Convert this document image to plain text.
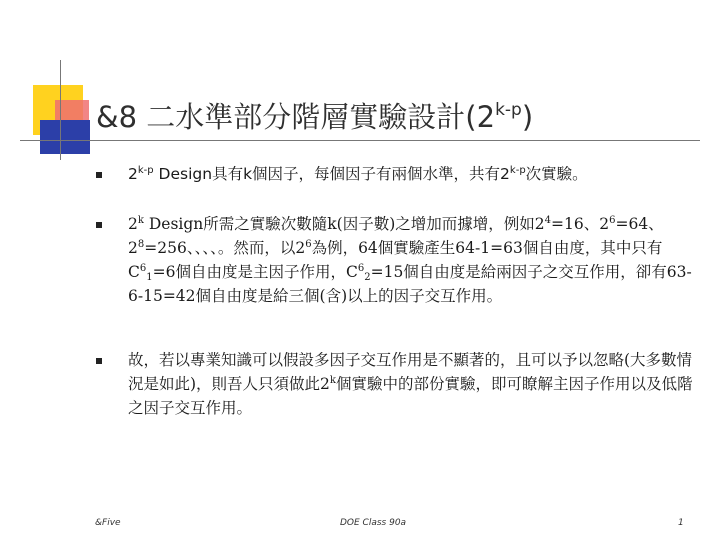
&8 二水準部分階層實驗設計(2$^{k-p}$)
2$^{k-p}$ Design具有k個因子，每個因子有兩個水準，共有2$^{k-p}$次實驗。
2$^k$ Design所需之實驗次數隨k(因子數)之增加而據增，例如$2^4=16$、$2^6=64$、$2^8=256$、、、、。然而，以$2^6$為例，64個實驗產生64-1=63個自由度，其中只有$C^6_1=6$個自由度是主因子作用，$C^6_2=15$個自由度是給兩因子之交互作用，卻有63-6-15=42個自由度是給三個(含)以上的因子交互作用。
故，若以專業知識可以假設多因子交互作用是不顯著的，且可以予以忽略(大多數情況是如此)，則吾人只須做此2$^k$個實驗中的部份實驗，即可瞭解主因子作用以及低階之因子交互作用。
&Five	DOE Class 90a	1
